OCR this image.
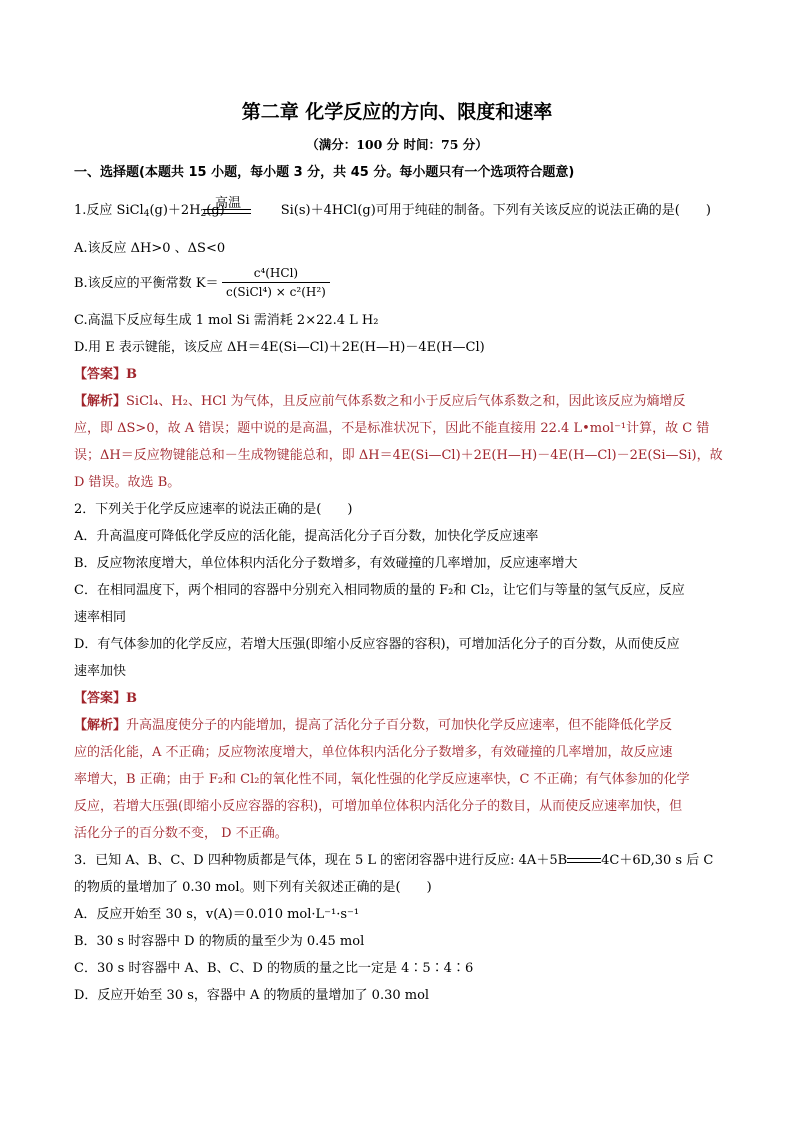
第二章 化学反应的方向、限度和速率
（满分：100 分 时间：75 分）
一、选择题(本题共 15 小题，每小题 3 分，共 45 分。每小题只有一个选项符合题意)
高温
1.反应 $SiCl_4(g)+2H_2(g)$	Si(s)＋4HCl(g)可用于纯硅的制备。下列有关该反应的说法正确的是(　　)
A.该反应 ΔH>0 、ΔS<0
B.该反应的平衡常数 K＝
c⁴(HCl)
c(SiCl⁴) × c²(H²)
C.高温下反应每生成 1 mol Si 需消耗 2×22.4 L H₂
D.用 E 表示键能，该反应 ΔH＝4E(Si—Cl)＋2E(H—H)－4E(H—Cl)
【答案】B
【解析】SiCl₄、H₂、HCl 为气体，且反应前气体系数之和小于反应后气体系数之和，因此该反应为熵增反
应，即 ΔS>0，故 A 错误；题中说的是高温，不是标准状况下，因此不能直接用 22.4 L•mol⁻¹计算，故 C 错
误；ΔH＝反应物键能总和－生成物键能总和，即 ΔH＝4E(Si—Cl)＋2E(H—H)－4E(H—Cl)－2E(Si—Si)，故
D 错误。故选 B。
2．下列关于化学反应速率的说法正确的是(　　)
A．升高温度可降低化学反应的活化能，提高活化分子百分数，加快化学反应速率
B．反应物浓度增大，单位体积内活化分子数增多，有效碰撞的几率增加，反应速率增大
C．在相同温度下，两个相同的容器中分别充入相同物质的量的 F₂和 Cl₂，让它们与等量的氢气反应，反应
速率相同
D．有气体参加的化学反应，若增大压强(即缩小反应容器的容积)，可增加活化分子的百分数，从而使反应
速率加快
【答案】B
【解析】升高温度使分子的内能增加，提高了活化分子百分数，可加快化学反应速率，但不能降低化学反
应的活化能，A 不正确；反应物浓度增大，单位体积内活化分子数增多，有效碰撞的几率增加，故反应速
率增大，B 正确；由于 F₂和 Cl₂的氧化性不同，氧化性强的化学反应速率快，C 不正确；有气体参加的化学
反应，若增大压强(即缩小反应容器的容积)，可增加单位体积内活化分子的数目，从而使反应速率加快，但
活化分子的百分数不变， D 不正确。
3．已知 A、B、C、D 四种物质都是气体，现在 5 L 的密闭容器中进行反应: 4A＋5B	4C＋6D,30 s 后 C
的物质的量增加了 0.30 mol。则下列有关叙述正确的是(　　)
A．反应开始至 30 s，v(A)＝0.010 mol·L⁻¹·s⁻¹
B．30 s 时容器中 D 的物质的量至少为 0.45 mol
C．30 s 时容器中 A、B、C、D 的物质的量之比一定是 4∶5∶4∶6
D．反应开始至 30 s，容器中 A 的物质的量增加了 0.30 mol
